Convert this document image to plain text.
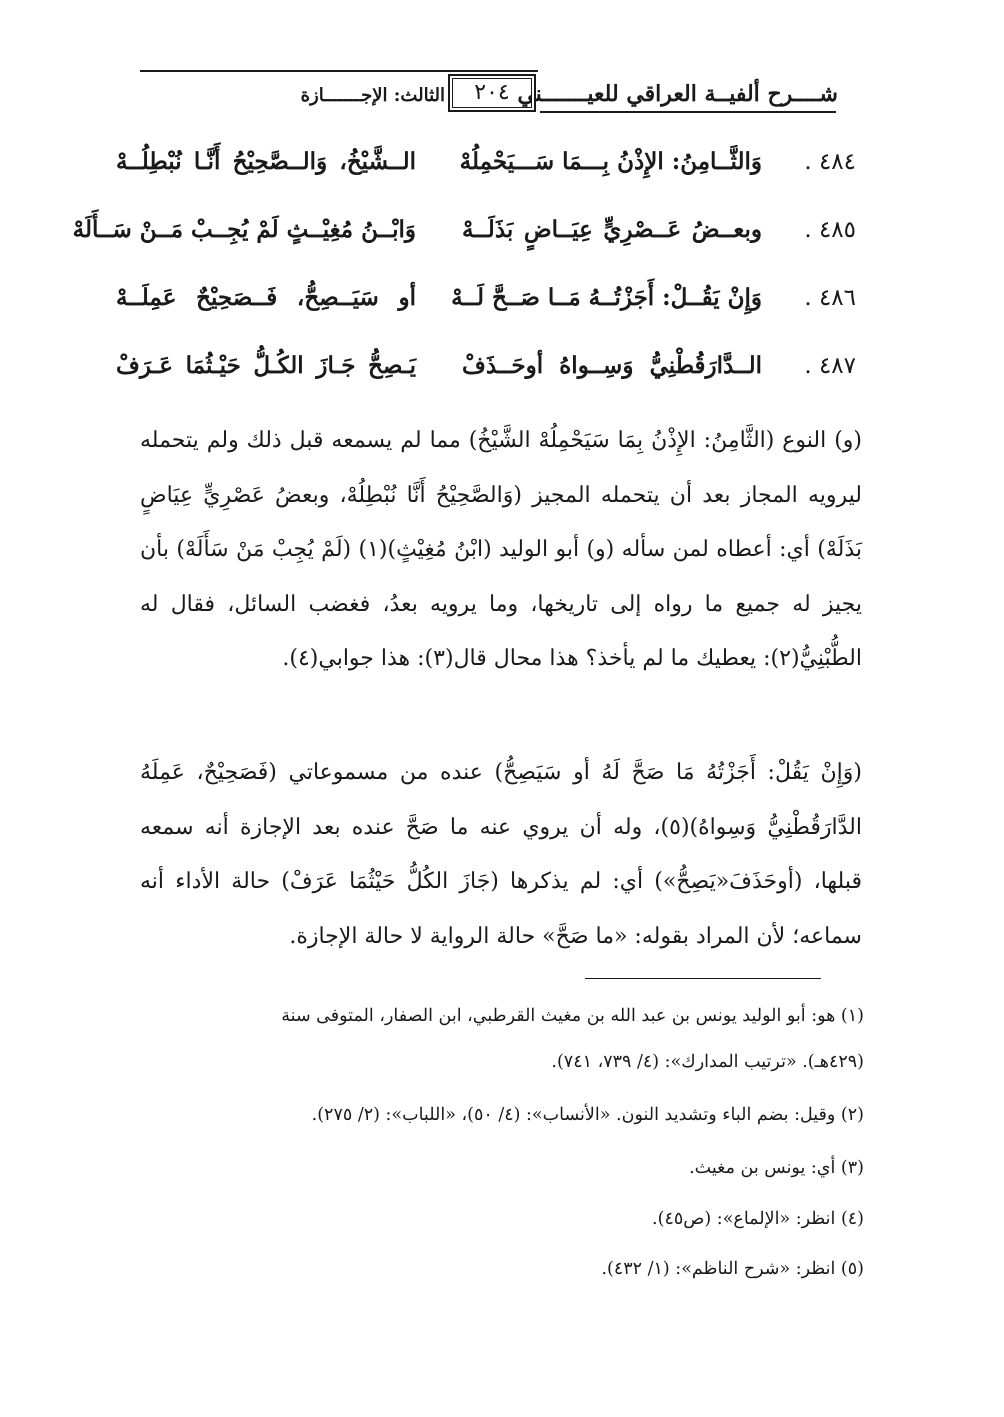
شــــرح ألفيــة العراقي للعيـــــــني
٢٠٤
الثالث: الإجـــــــازة
٤٨٤ .
وَالثَّــامِنُ: الإِذْنُ بِـــمَا سَـــيَحْمِلُهْ
الــشَّيْخُ، وَالــصَّحِيْحُ أَنَّـا نُبْطِلُــهْ
٤٨٥ .
وبعــضُ عَــصْرِيٍّ عِيَــاضٍ بَذَلَــهْ
وَابْــنُ مُغِيْــثٍ لَمْ يُجِــبْ مَــنْ سَــأَلَهْ
٤٨٦ .
وَإِنْ يَقُــلْ: أَجَزْتُــهُ مَــا صَــحَّ لَــهْ
أو سَيَــصِحُّ، فَــصَحِيْحٌ عَمِلَــهْ
٤٨٧ .
الــدَّارَقُطْنِيُّ وَسِــواهُ أوحَــذَفْ
يَـصِحُّ جَـازَ الكُـلُّ حَيْـثُمَا عَـرَفْ
(و) النوع (الثَّامِنُ: الإِذْنُ بِمَا سَيَحْمِلُهْ الشَّيْخُ) مما لم يسمعه قبل ذلك ولم يتحمله ليرويه المجاز بعد أن يتحمله المجيز (وَالصَّحِيْحُ أَنَّا نُبْطِلُهْ، وبعضُ عَصْرِيٍّ عِيَاضٍ بَذَلَهْ) أي: أعطاه لمن سأله (و) أبو الوليد (ابْنُ مُغِيْثٍ)(١) (لَمْ يُجِبْ مَنْ سَأَلَهْ) بأن يجيز له جميع ما رواه إلى تاريخها، وما يرويه بعدُ، فغضب السائل، فقال له الطُّبْنِيُّ(٢): يعطيك ما لم يأخذ؟ هذا محال قال(٣): هذا جوابي(٤).
(وَإِنْ يَقُلْ: أَجَزْتُهُ مَا صَحَّ لَهُ أو سَيَصِحُّ) عنده من مسموعاتي (فَصَحِيْحٌ، عَمِلَهُ الدَّارَقُطْنِيُّ وَسِواهُ)(٥)، وله أن يروي عنه ما صَحَّ عنده بعد الإجازة أنه سمعه قبلها، (أوحَذَفَ«يَصِحُّ») أي: لم يذكرها (جَازَ الكُلُّ حَيْثُمَا عَرَفْ) حالة الأداء أنه سماعه؛ لأن المراد بقوله: «ما صَحَّ» حالة الرواية لا حالة الإجازة.
(١) هو: أبو الوليد يونس بن عبد الله بن مغيث القرطبي، ابن الصفار، المتوفى سنة
(٤٢٩هـ). «ترتيب المدارك»: (٤/ ٧٣٩، ٧٤١).
(٢) وقيل: بضم الباء وتشديد النون. «الأنساب»: (٤/ ٥٠)، «اللباب»: (٢/ ٢٧٥).
(٣) أي: يونس بن مغيث.
(٤) انظر: «الإلماع»: (ص٤٥).
(٥) انظر: «شرح الناظم»: (١/ ٤٣٢).
